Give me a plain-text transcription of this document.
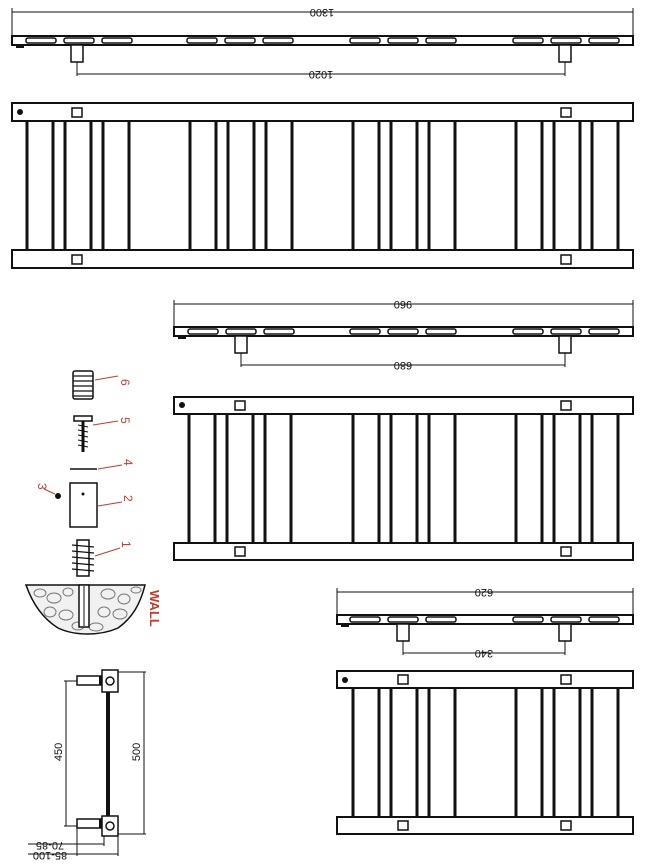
1300
1020
960
680
620
340
6
5
4
3
2
1
WALL
450	500
70-85
85-100
